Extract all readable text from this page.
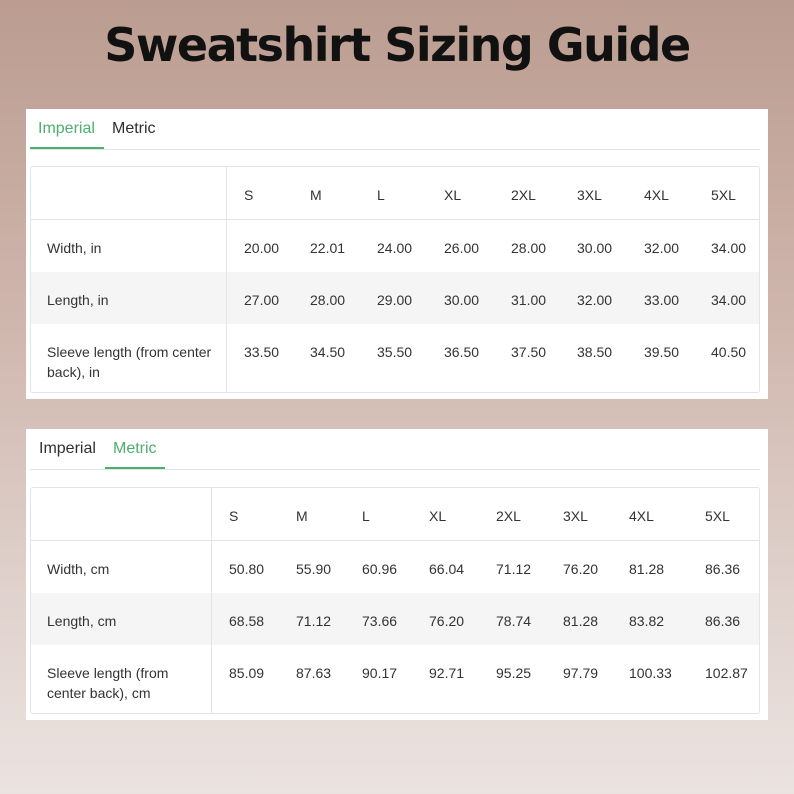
Sweatshirt Sizing Guide
Imperial	Metric
S	M	L	XL	2XL	3XL	4XL	5XL
Width, in	20.00 22.01 24.00 26.00 28.00 30.00 32.00 34.00
Length, in	27.00 28.00 29.00 30.00 31.00 32.00 33.00 34.00
Sleeve length (from center back), in
33.50 34.50 35.50 36.50 37.50 38.50 39.50 40.50
Imperial	Metric
S	M	L	XL	2XL	3XL	4XL	5XL
Width, cm	50.80 55.90 60.96 66.04 71.12 76.20 81.28	86.36
Length, cm	68.58 71.12 73.66 76.20 78.74 81.28 83.82	86.36
Sleeve length (from center back), cm
85.09 87.63 90.17 92.71 95.25 97.79 100.33 102.87
